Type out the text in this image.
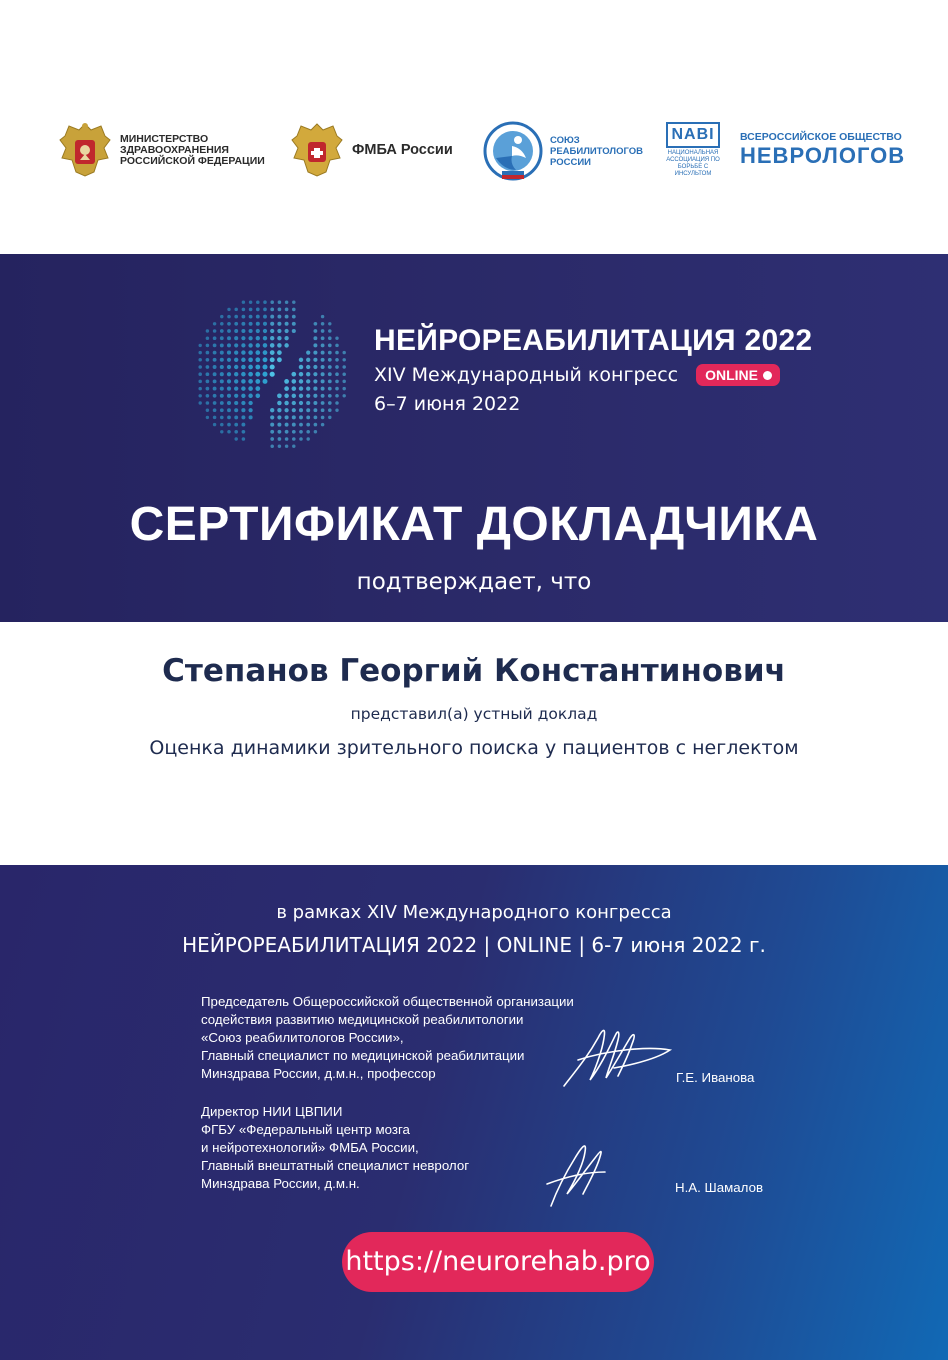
МИНИСТЕРСТВО
ЗДРАВООХРАНЕНИЯ
РОССИЙСКОЙ ФЕДЕРАЦИИ
ФМБА России
СОЮЗ
РЕАБИЛИТОЛОГОВ
РОССИИ
NABI
НАЦИОНАЛЬНАЯ АССОЦИАЦИЯ ПО БОРЬБЕ С ИНСУЛЬТОМ
ВСЕРОССИЙСКОЕ ОБЩЕСТВО
НЕВРОЛОГОВ
НЕЙРОРЕАБИЛИТАЦИЯ 2022
XIV Международный конгресс ONLINE
6–7 июня 2022
СЕРТИФИКАТ ДОКЛАДЧИКА
подтверждает, что
Степанов Георгий Константинович
представил(а) устный доклад
Оценка динамики зрительного поиска у пациентов с неглектом
в рамках XIV Международного конгресса
НЕЙРОРЕАБИЛИТАЦИЯ 2022 | ONLINE | 6-7 июня 2022 г.
Председатель Общероссийской общественной организации
содействия развитию медицинской реабилитологии
«Союз реабилитологов России»,
Главный специалист по медицинской реабилитации
Минздрава России, д.м.н., профессор	Г.Е. Иванова
Директор НИИ ЦВПИИ
ФГБУ «Федеральный центр мозга
и нейротехнологий» ФМБА России,
Главный внештатный специалист невролог
Минздрава России, д.м.н.	Н.А. Шамалов
https://neurorehab.pro
